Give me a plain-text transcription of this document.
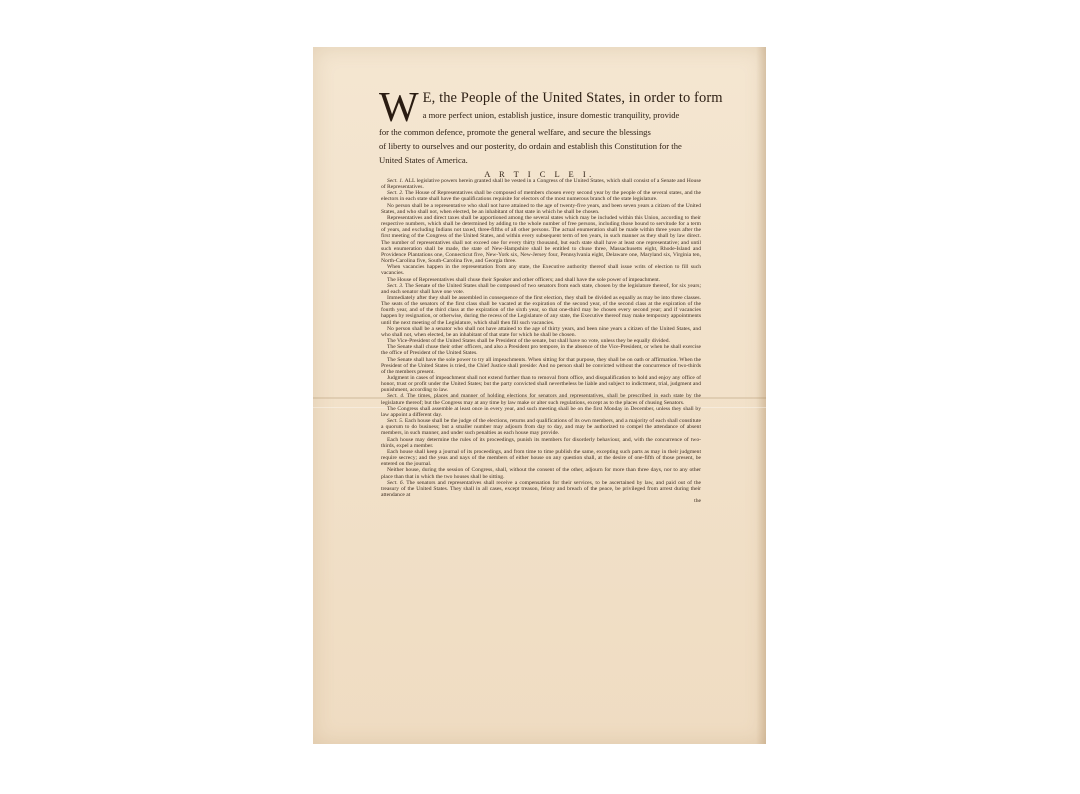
W E, the People of the United States, in order to form
a more perfect union, establish justice, insure domestic tranquility, provide
for the common defence, promote the general welfare, and secure the blessings
of liberty to ourselves and our posterity, do ordain and establish this Constitution for the
United States of America.
A R T I C L E I.

Sect. 1. ALL legislative powers herein granted shall be vested in a Congress of the United States, which shall consist of a Senate and House of Representatives.

Sect. 2. The House of Representatives shall be composed of members chosen every second year by the people of the several states, and the electors in each state shall have the qualifications requisite for electors of the most numerous branch of the state legislature.

No person shall be a representative who shall not have attained to the age of twenty-five years, and been seven years a citizen of the United States, and who shall not, when elected, be an inhabitant of that state in which he shall be chosen.

Representatives and direct taxes shall be apportioned among the several states which may be included within this Union, according to their respective numbers, which shall be determined by adding to the whole number of free persons, including those bound to servitude for a term of years, and excluding Indians not taxed, three-fifths of all other persons. The actual enumeration shall be made within three years after the first meeting of the Congress of the United States, and within every subsequent term of ten years, in such manner as they shall by law direct. The number of representatives shall not exceed one for every thirty thousand, but each state shall have at least one representative; and until such enumeration shall be made, the state of New-Hampshire shall be entitled to chuse three, Massachusetts eight, Rhode-Island and Providence Plantations one, Connecticut five, New-York six, New-Jersey four, Pennsylvania eight, Delaware one, Maryland six, Virginia ten, North-Carolina five, South-Carolina five, and Georgia three.

When vacancies happen in the representation from any state, the Executive authority thereof shall issue writs of election to fill such vacancies.

The House of Representatives shall chuse their Speaker and other officers; and shall have the sole power of impeachment.

Sect. 3. The Senate of the United States shall be composed of two senators from each state, chosen by the legislature thereof, for six years; and each senator shall have one vote.

Immediately after they shall be assembled in consequence of the first election, they shall be divided as equally as may be into three classes. The seats of the senators of the first class shall be vacated at the expiration of the second year, of the second class at the expiration of the fourth year, and of the third class at the expiration of the sixth year, so that one-third may be chosen every second year; and if vacancies happen by resignation, or otherwise, during the recess of the Legislature of any state, the Executive thereof may make temporary appointments until the next meeting of the Legislature, which shall then fill such vacancies.

No person shall be a senator who shall not have attained to the age of thirty years, and been nine years a citizen of the United States, and who shall not, when elected, be an inhabitant of that state for which he shall be chosen.

The Vice-President of the United States shall be President of the senate, but shall have no vote, unless they be equally divided.

The Senate shall chuse their other officers, and also a President pro tempore, in the absence of the Vice-President, or when he shall exercise the office of President of the United States.

The Senate shall have the sole power to try all impeachments. When sitting for that purpose, they shall be on oath or affirmation. When the President of the United States is tried, the Chief Justice shall preside: And no person shall be convicted without the concurrence of two-thirds of the members present.

Judgment in cases of impeachment shall not extend further than to removal from office, and disqualification to hold and enjoy any office of honor, trust or profit under the United States; but the party convicted shall nevertheless be liable and subject to indictment, trial, judgment and punishment, according to law.

Sect. 4. The times, places and manner of holding elections for senators and representatives, shall be prescribed in each state by the legislature thereof; but the Congress may at any time by law make or alter such regulations, except as to the places of chusing Senators.

The Congress shall assemble at least once in every year, and such meeting shall be on the first Monday in December, unless they shall by law appoint a different day.

Sect. 5. Each house shall be the judge of the elections, returns and qualifications of its own members, and a majority of each shall constitute a quorum to do business; but a smaller number may adjourn from day to day, and may be authorized to compel the attendance of absent members, in such manner, and under such penalties as each house may provide.

Each house may determine the rules of its proceedings, punish its members for disorderly behaviour, and, with the concurrence of two-thirds, expel a member.

Each house shall keep a journal of its proceedings, and from time to time publish the same, excepting such parts as may in their judgment require secrecy; and the yeas and nays of the members of either house on any question shall, at the desire of one-fifth of those present, be entered on the journal.

Neither house, during the session of Congress, shall, without the consent of the other, adjourn for more than three days, nor to any other place than that in which the two houses shall be sitting.

Sect. 6. The senators and representatives shall receive a compensation for their services, to be ascertained by law, and paid out of the treasury of the United States. They shall in all cases, except treason, felony and breach of the peace, be privileged from arrest during their attendance at

the
